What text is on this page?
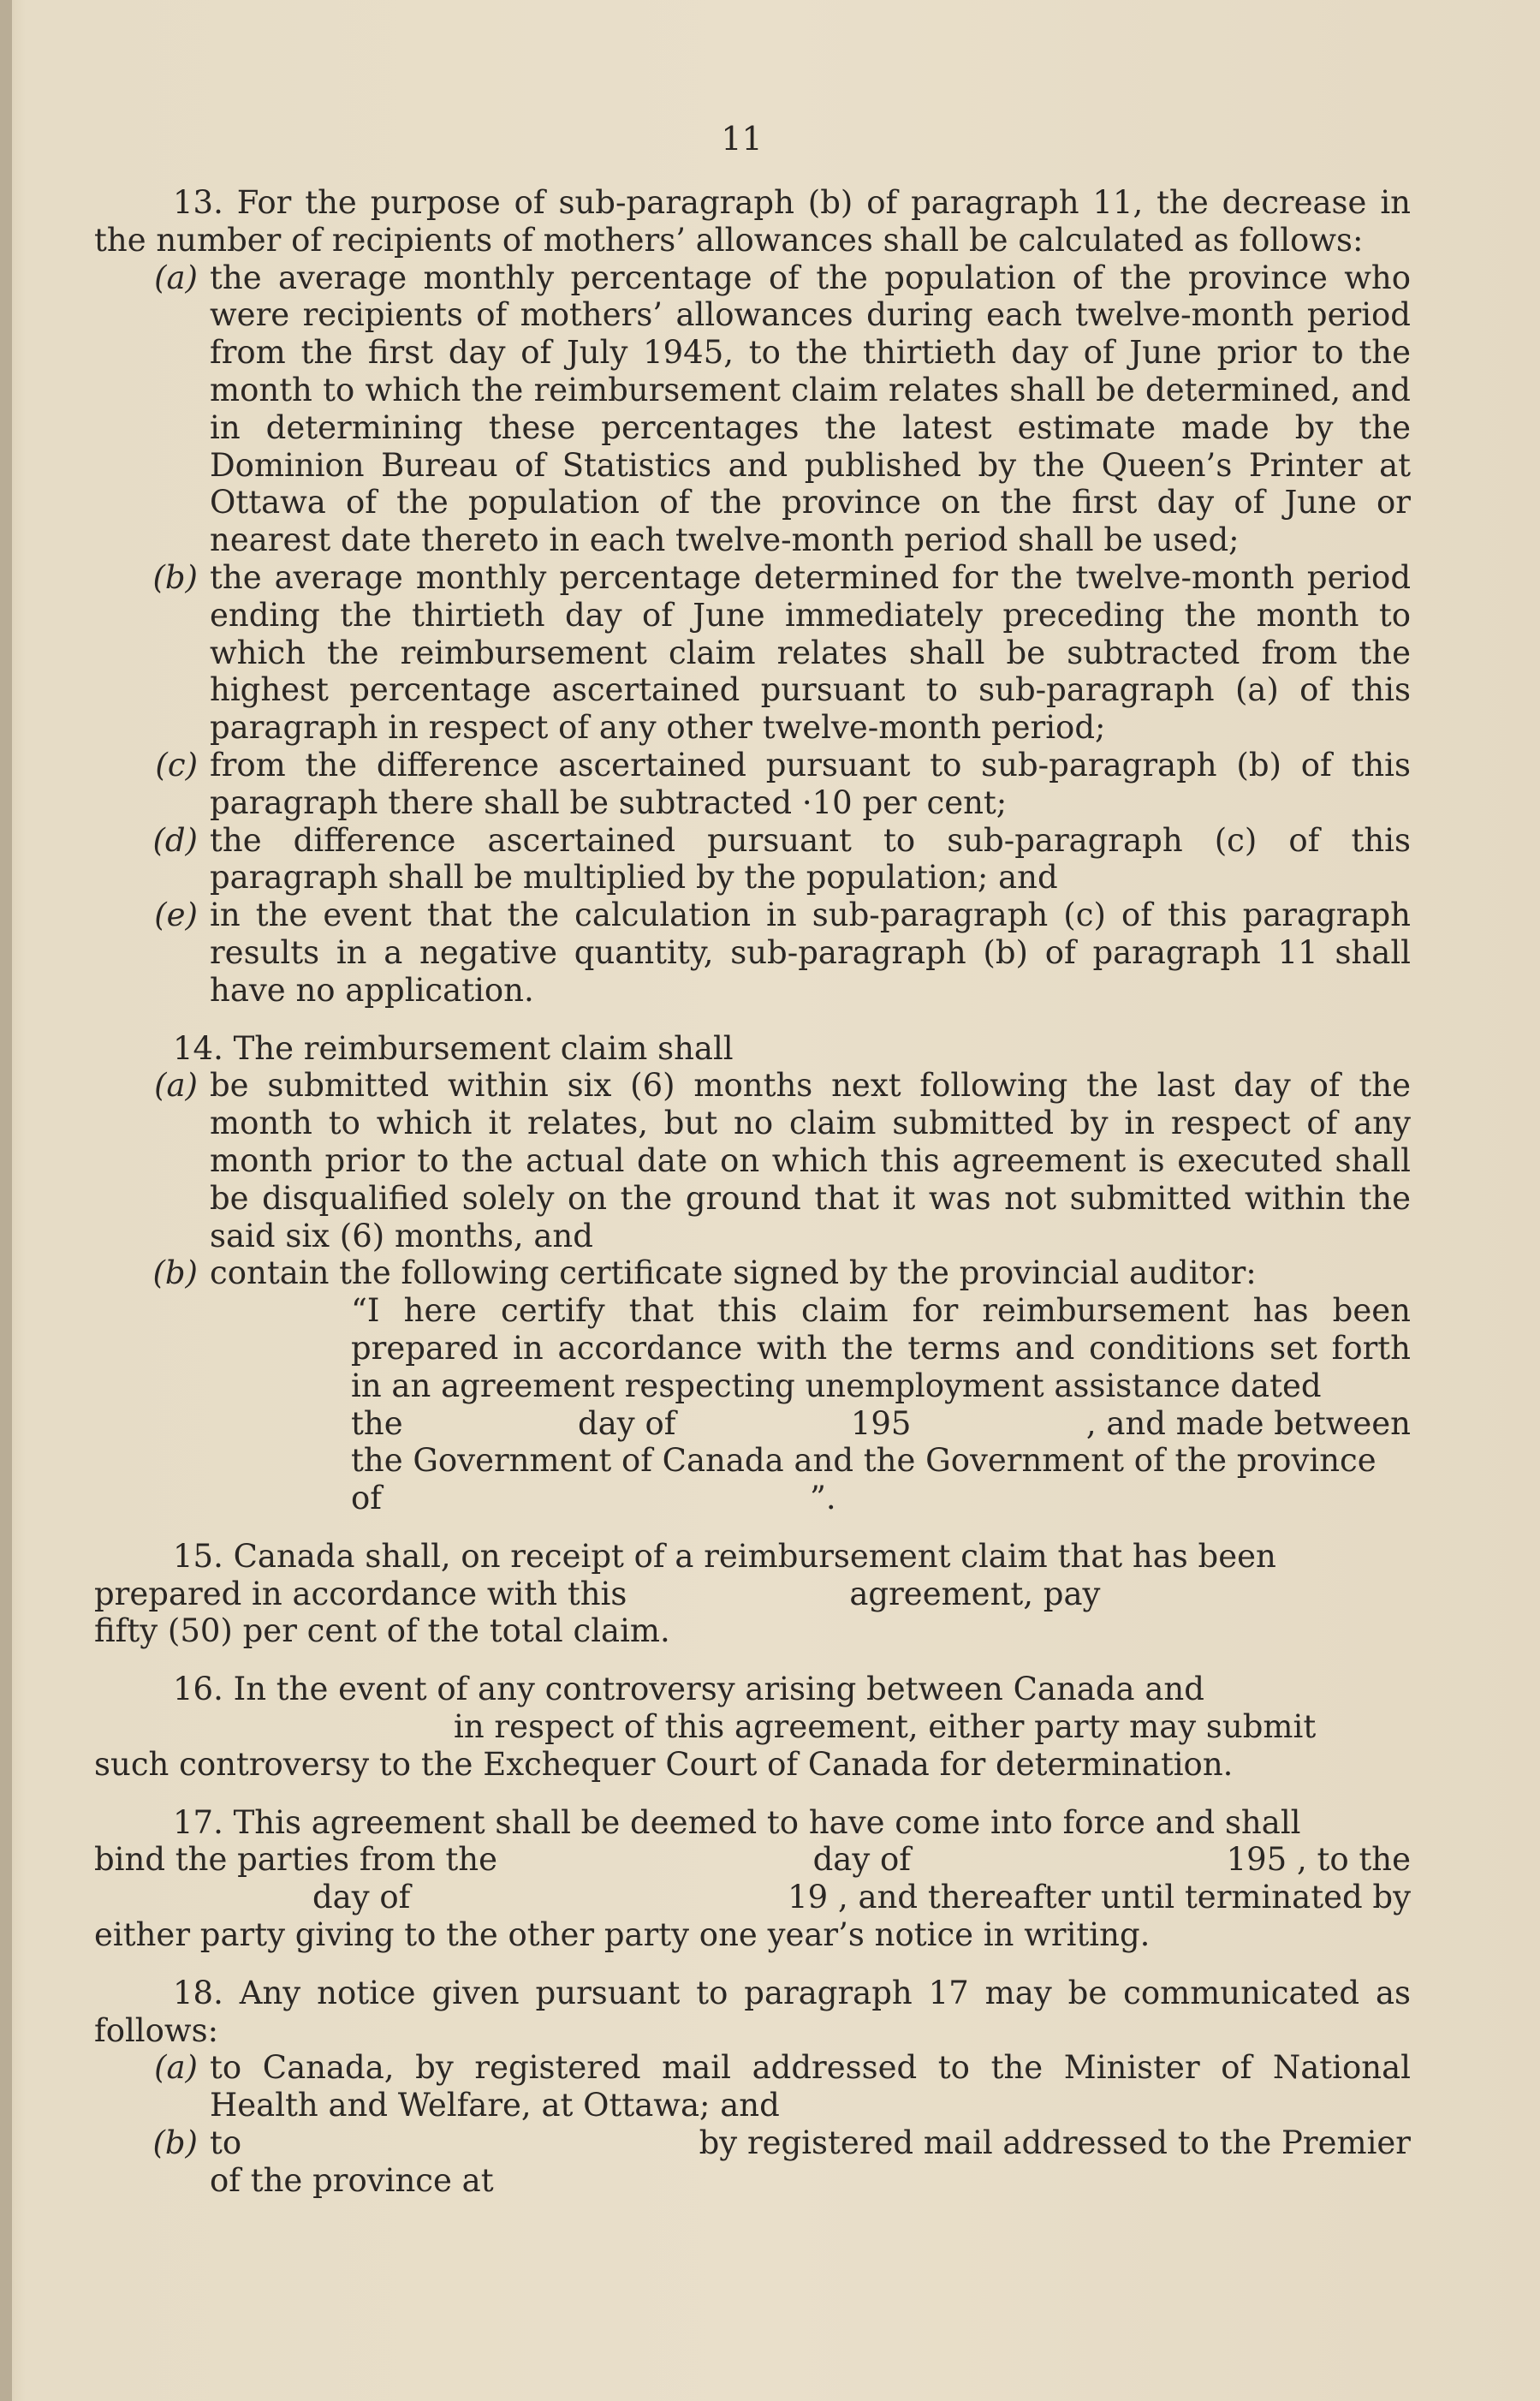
11

13. For the purpose of sub-paragraph (b) of paragraph 11, the decrease in the number of recipients of mothers’ allowances shall be calculated as follows:

(a) the average monthly percentage of the population of the province who were recipients of mothers’ allowances during each twelve-month period from the first day of July 1945, to the thirtieth day of June prior to the month to which the reimbursement claim relates shall be determined, and in determining these percentages the latest estimate made by the Dominion Bureau of Statistics and published by the Queen’s Printer at Ottawa of the population of the province on the first day of June or nearest date thereto in each twelve-month period shall be used;
(b) the average monthly percentage determined for the twelve-month period ending the thirtieth day of June immediately preceding the month to which the reimbursement claim relates shall be subtracted from the highest percentage ascertained pursuant to sub-paragraph (a) of this paragraph in respect of any other twelve-month period;
(c) from the difference ascertained pursuant to sub-paragraph (b) of this paragraph there shall be subtracted ·10 per cent;
(d) the difference ascertained pursuant to sub-paragraph (c) of this paragraph shall be multiplied by the population; and
(e) in the event that the calculation in sub-paragraph (c) of this paragraph results in a negative quantity, sub-paragraph (b) of paragraph 11 shall have no application.

14. The reimbursement claim shall

(a) be submitted within six (6) months next following the last day of the month to which it relates, but no claim submitted by in respect of any month prior to the actual date on which this agreement is executed shall be disqualified solely on the ground that it was not submitted within the said six (6) months, and
(b) contain the following certificate signed by the provincial auditor:

“I here certify that this claim for reimbursement has been prepared in accordance with the terms and conditions set forth in an agreement respecting unemployment assistance dated

the	day of	195	, and made between

the Government of Canada and the Government of the province

of	”.

15. Canada shall, on receipt of a reimbursement claim that has been

prepared in accordance with this	agreement, pay

fifty (50) per cent of the total claim.

16. In the event of any controversy arising between Canada and

in respect of this agreement, either party may submit

such controversy to the Exchequer Court of Canada for determination.

17. This agreement shall be deemed to have come into force and shall

bind the parties from the	day of	195 , to the
day of	19 , and thereafter until terminated by

either party giving to the other party one year’s notice in writing.

18. Any notice given pursuant to paragraph 17 may be communicated as follows:

(a) to Canada, by registered mail addressed to the Minister of National Health and Welfare, at Ottawa; and
(b) to	by registered mail addressed to the Premier
of the province at
